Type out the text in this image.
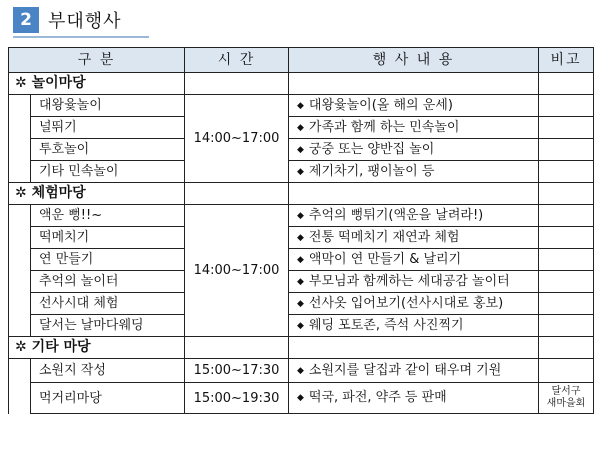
2 부대행사
구 분		시 간	행 사 내 용	비고
✲ 놀이마당				
	대왕윷놀이	14:00~17:00	◆ 대왕윷놀이(올 해의 운세)	
	널뛰기		◆ 가족과 함께 하는 민속놀이	
	투호놀이		◆ 궁중 또는 양반집 놀이	
	기타 민속놀이		◆ 제기차기, 팽이놀이 등	
✲ 체험마당				
	액운 뻥!!~	14:00~17:00	◆ 추억의 뻥튀기(액운을 날려라!)	
	떡메치기		◆ 전통 떡메치기 재연과 체험	
	연 만들기		◆ 액막이 연 만들기 & 날리기	
	추억의 놀이터		◆ 부모님과 함께하는 세대공감 놀이터	
	선사시대 체험		◆ 선사옷 입어보기(선사시대로 홍보)	
	달서는 날마다웨딩		◆ 웨딩 포토존, 즉석 사진찍기	
✲ 기타 마당				
	소원지 작성	15:00~17:30	◆ 소원지를 달집과 같이 태우며 기원	
	먹거리마당	15:00~19:30	◆ 떡국, 파전, 약주 등 판매	달서구
새마을회
